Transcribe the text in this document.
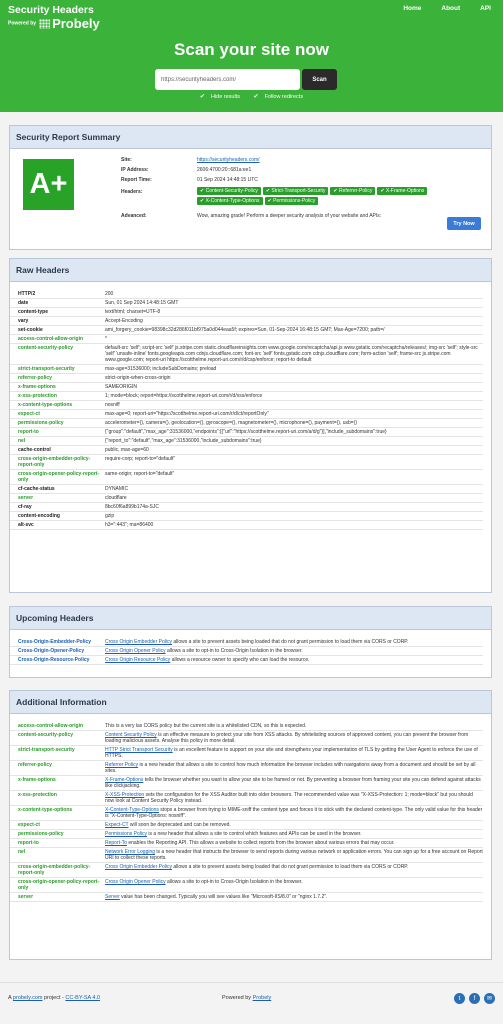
Security Headers
Powered by Probely
Home	About	API
Scan your site now
https://securityheaders.com/
Scan
✔ Hide results ✔ Follow redirects
Security Report Summary
A+
Site:	https://securityheaders.com/
IP Address:	2606:4700:20::681a:ee1
Report Time:	01 Sep 2024 14:48:15 UTC
Headers:	✔ Content-Security-Policy	✔ Strict-Transport-Security	✔ Referrer-Policy	✔ X-Frame-Options
✔ X-Content-Type-Options	✔ Permissions-Policy
Advanced:	Wow, amazing grade! Perform a deeper security analysis of your website and APIs:
Try Now
Raw Headers
HTTP/2	200
date	Sun, 01 Sep 2024 14:48:15 GMT
content-type	text/html; charset=UTF-8
vary	Accept-Encoding
set-cookie	ami_forgery_cookie=98398c32d286f011bf975a0d044eaa5f; expires=Sun, 01-Sep-2024 16:48:15 GMT; Max-Age=7200; path=/
access-control-allow-origin	*
content-security-policy	default-src 'self'; script-src 'self' js.stripe.com static.cloudflareinsights.com www.google.com/recaptcha/api.js www.gstatic.com/recaptcha/releases/; img-src 'self'; style-src 'self' 'unsafe-inline' fonts.googleapis.com cdnjs.cloudflare.com; font-src 'self' fonts.gstatic.com cdnjs.cloudflare.com; form-action 'self'; frame-src js.stripe.com www.google.com; report-uri https://scotthelme.report-uri.com/r/d/csp/enforce; report-to default
strict-transport-security	max-age=31536000; includeSubDomains; preload
referrer-policy	strict-origin-when-cross-origin
x-frame-options	SAMEORIGIN
x-xss-protection	1; mode=block; report=https://scotthelme.report-uri.com/r/d/xss/enforce
x-content-type-options	nosniff
expect-ct	max-age=0; report-uri="https://scotthelme.report-uri.com/r/d/ct/reportOnly"
permissions-policy	accelerometer=(), camera=(), geolocation=(), gyroscope=(), magnetometer=(), microphone=(), payment=(), usb=()
report-to	{"group":"default","max_age":31536000,"endpoints":[{"url":"https://scotthelme.report-uri.com/a/d/g"}],"include_subdomains":true}
nel	{"report_to":"default","max_age":31536000,"include_subdomains":true}
cache-control	public, max-age=60
cross-origin-embedder-policy-report-only	require-corp; report-to="default"
cross-origin-opener-policy-report-only	same-origin; report-to="default"
cf-cache-status	DYNAMIC
server	cloudflare
cf-ray	8bc60f6a899b174a-SJC
content-encoding	gzip
alt-svc	h3=":443"; ma=86400
Upcoming Headers
Cross-Origin-Embedder-Policy	Cross Origin Embedder Policy allows a site to prevent assets being loaded that do not grant permission to load them via CORS or CORP.
Cross-Origin-Opener-Policy	Cross Origin Opener Policy allows a site to opt-in to Cross-Origin Isolation in the browser.
Cross-Origin-Resource-Policy	Cross Origin Resource Policy allows a resource owner to specify who can load the resource.
Additional Information
access-control-allow-origin	This is a very lax CORS policy but the current site is a whitelisted CDN, so this is expected.
content-security-policy	Content Security Policy is an effective measure to protect your site from XSS attacks. By whitelisting sources of approved content, you can prevent the browser from loading malicious assets. Analyse this policy in more detail.
strict-transport-security	HTTP Strict Transport Security is an excellent feature to support on your site and strengthens your implementation of TLS by getting the User Agent to enforce the use of HTTPS.
referrer-policy	Referrer Policy is a new header that allows a site to control how much information the browser includes with navigations away from a document and should be set by all sites.
x-frame-options	X-Frame-Options tells the browser whether you want to allow your site to be framed or not. By preventing a browser from framing your site you can defend against attacks like clickjacking.
x-xss-protection	X-XSS-Protection sets the configuration for the XSS Auditor built into older browsers. The recommended value was "X-XSS-Protection: 1; mode=block" but you should now look at Content Security Policy instead.
x-content-type-options	X-Content-Type-Options stops a browser from trying to MIME-sniff the content type and forces it to stick with the declared content-type. The only valid value for this header is "X-Content-Type-Options: nosniff".
expect-ct	Expect-CT will soon be deprecated and can be removed.
permissions-policy	Permissions Policy is a new header that allows a site to control which features and APIs can be used in the browser.
report-to	Report-To enables the Reporting API. This allows a website to collect reports from the browser about various errors that may occur.
nel	Network Error Logging is a new header that instructs the browser to send reports during various network or application errors. You can sign up for a free account on Report URI to collect these reports.
cross-origin-embedder-policy-report-only	Cross Origin Embedder Policy allows a site to prevent assets being loaded that do not grant permission to load them via CORS or CORP.
cross-origin-opener-policy-report-only	Cross Origin Opener Policy allows a site to opt-in to Cross-Origin Isolation in the browser.
server	Server value has been changed. Typically you will see values like "Microsoft-IIS/8.0" or "nginx 1.7.2".
A probely.com project - CC-BY-SA 4.0	Powered by Probely	t	f	✉
